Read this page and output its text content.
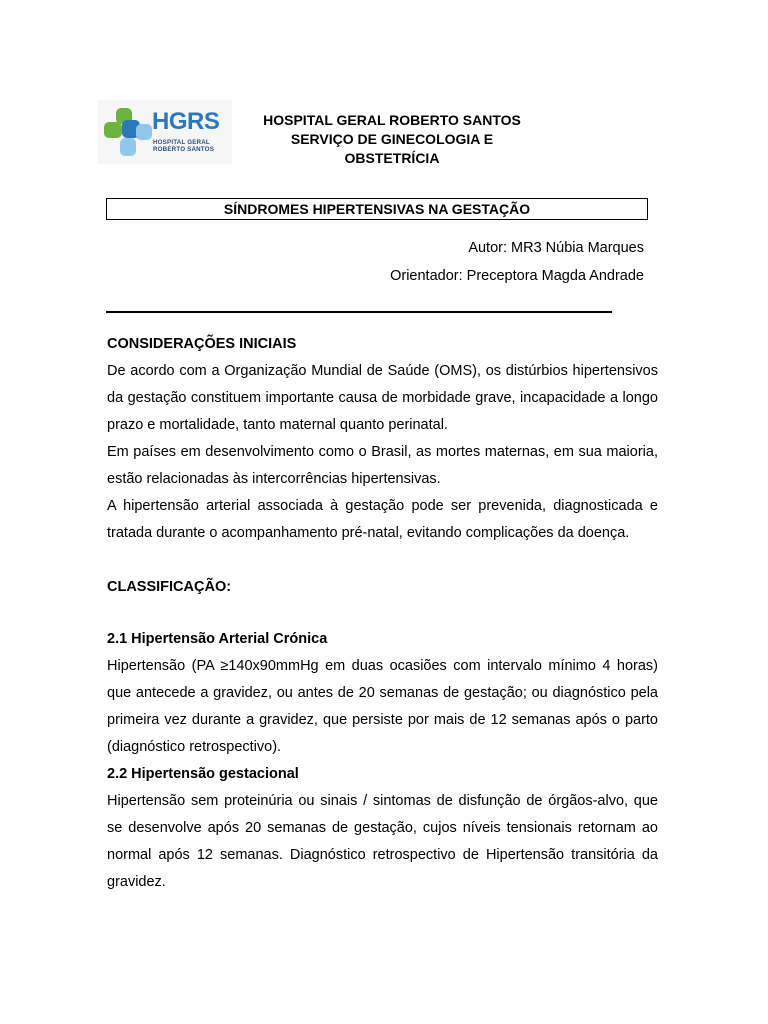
HGRS
HOSPITAL GERAL
ROBERTO SANTOS
HOSPITAL GERAL ROBERTO SANTOS
SERVIÇO DE GINECOLOGIA E
OBSTETRÍCIA
SÍNDROMES HIPERTENSIVAS NA GESTAÇÃO
Autor: MR3 Núbia Marques
Orientador: Preceptora Magda Andrade
CONSIDERAÇÕES INICIAIS

De acordo com a Organização Mundial de Saúde (OMS), os distúrbios hipertensivos da gestação constituem importante causa de morbidade grave, incapacidade a longo prazo e mortalidade, tanto maternal quanto perinatal.

Em países em desenvolvimento como o Brasil, as mortes maternas, em sua maioria, estão relacionadas às intercorrências hipertensivas.

A hipertensão arterial associada à gestação pode ser prevenida, diagnosticada e tratada durante o acompanhamento pré-natal, evitando complicações da doença.

CLASSIFICAÇÃO:
2.1 Hipertensão Arterial Crónica

Hipertensão (PA ≥140x90mmHg em duas ocasiões com intervalo mínimo 4 horas) que antecede a gravidez, ou antes de 20 semanas de gestação; ou diagnóstico pela primeira vez durante a gravidez, que persiste por mais de 12 semanas após o parto (diagnóstico retrospectivo).

2.2 Hipertensão gestacional

Hipertensão sem proteinúria ou sinais / sintomas de disfunção de órgãos-alvo, que se desenvolve após 20 semanas de gestação, cujos níveis tensionais retornam ao normal após 12 semanas. Diagnóstico retrospectivo de Hipertensão transitória da gravidez.
